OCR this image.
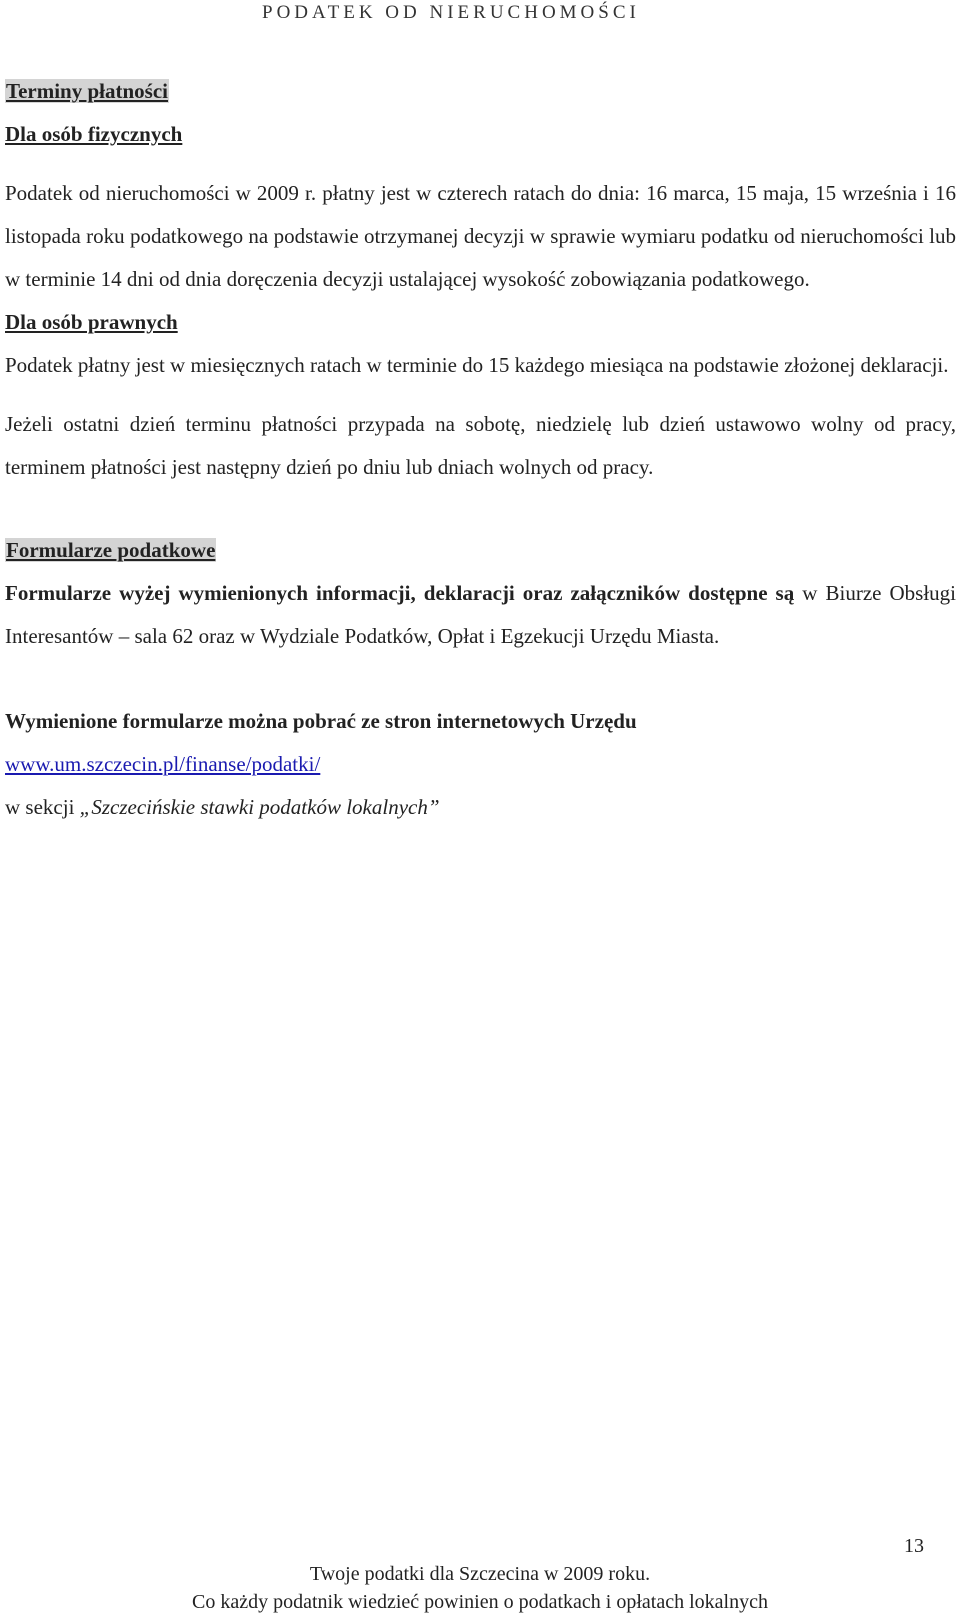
PODATEK OD NIERUCHOMOŚCI

Terminy płatności

Dla osób fizycznych

Podatek od nieruchomości w 2009 r. płatny jest w czterech ratach do dnia: 16 marca, 15 maja, 15 września i 16 listopada roku podatkowego na podstawie otrzymanej decyzji w sprawie wymiaru podatku od nieruchomości lub w terminie 14 dni od dnia doręczenia decyzji ustalającej wysokość zobowiązania podatkowego.

Dla osób prawnych

Podatek płatny jest w miesięcznych ratach w terminie do 15 każdego miesiąca na podstawie złożonej deklaracji.

Jeżeli ostatni dzień terminu płatności przypada na sobotę, niedzielę lub dzień ustawowo wolny od pracy, terminem płatności jest następny dzień po dniu lub dniach wolnych od pracy.

Formularze podatkowe

Formularze wyżej wymienionych informacji, deklaracji oraz załączników dostępne są w Biurze Obsługi Interesantów – sala 62 oraz w Wydziale Podatków, Opłat i Egzekucji Urzędu Miasta.

Wymienione formularze można pobrać ze stron internetowych Urzędu

www.um.szczecin.pl/finanse/podatki/

w sekcji „Szczecińskie stawki podatków lokalnych”

13
Twoje podatki dla Szczecina w 2009 roku.
Co każdy podatnik wiedzieć powinien o podatkach i opłatach lokalnych
